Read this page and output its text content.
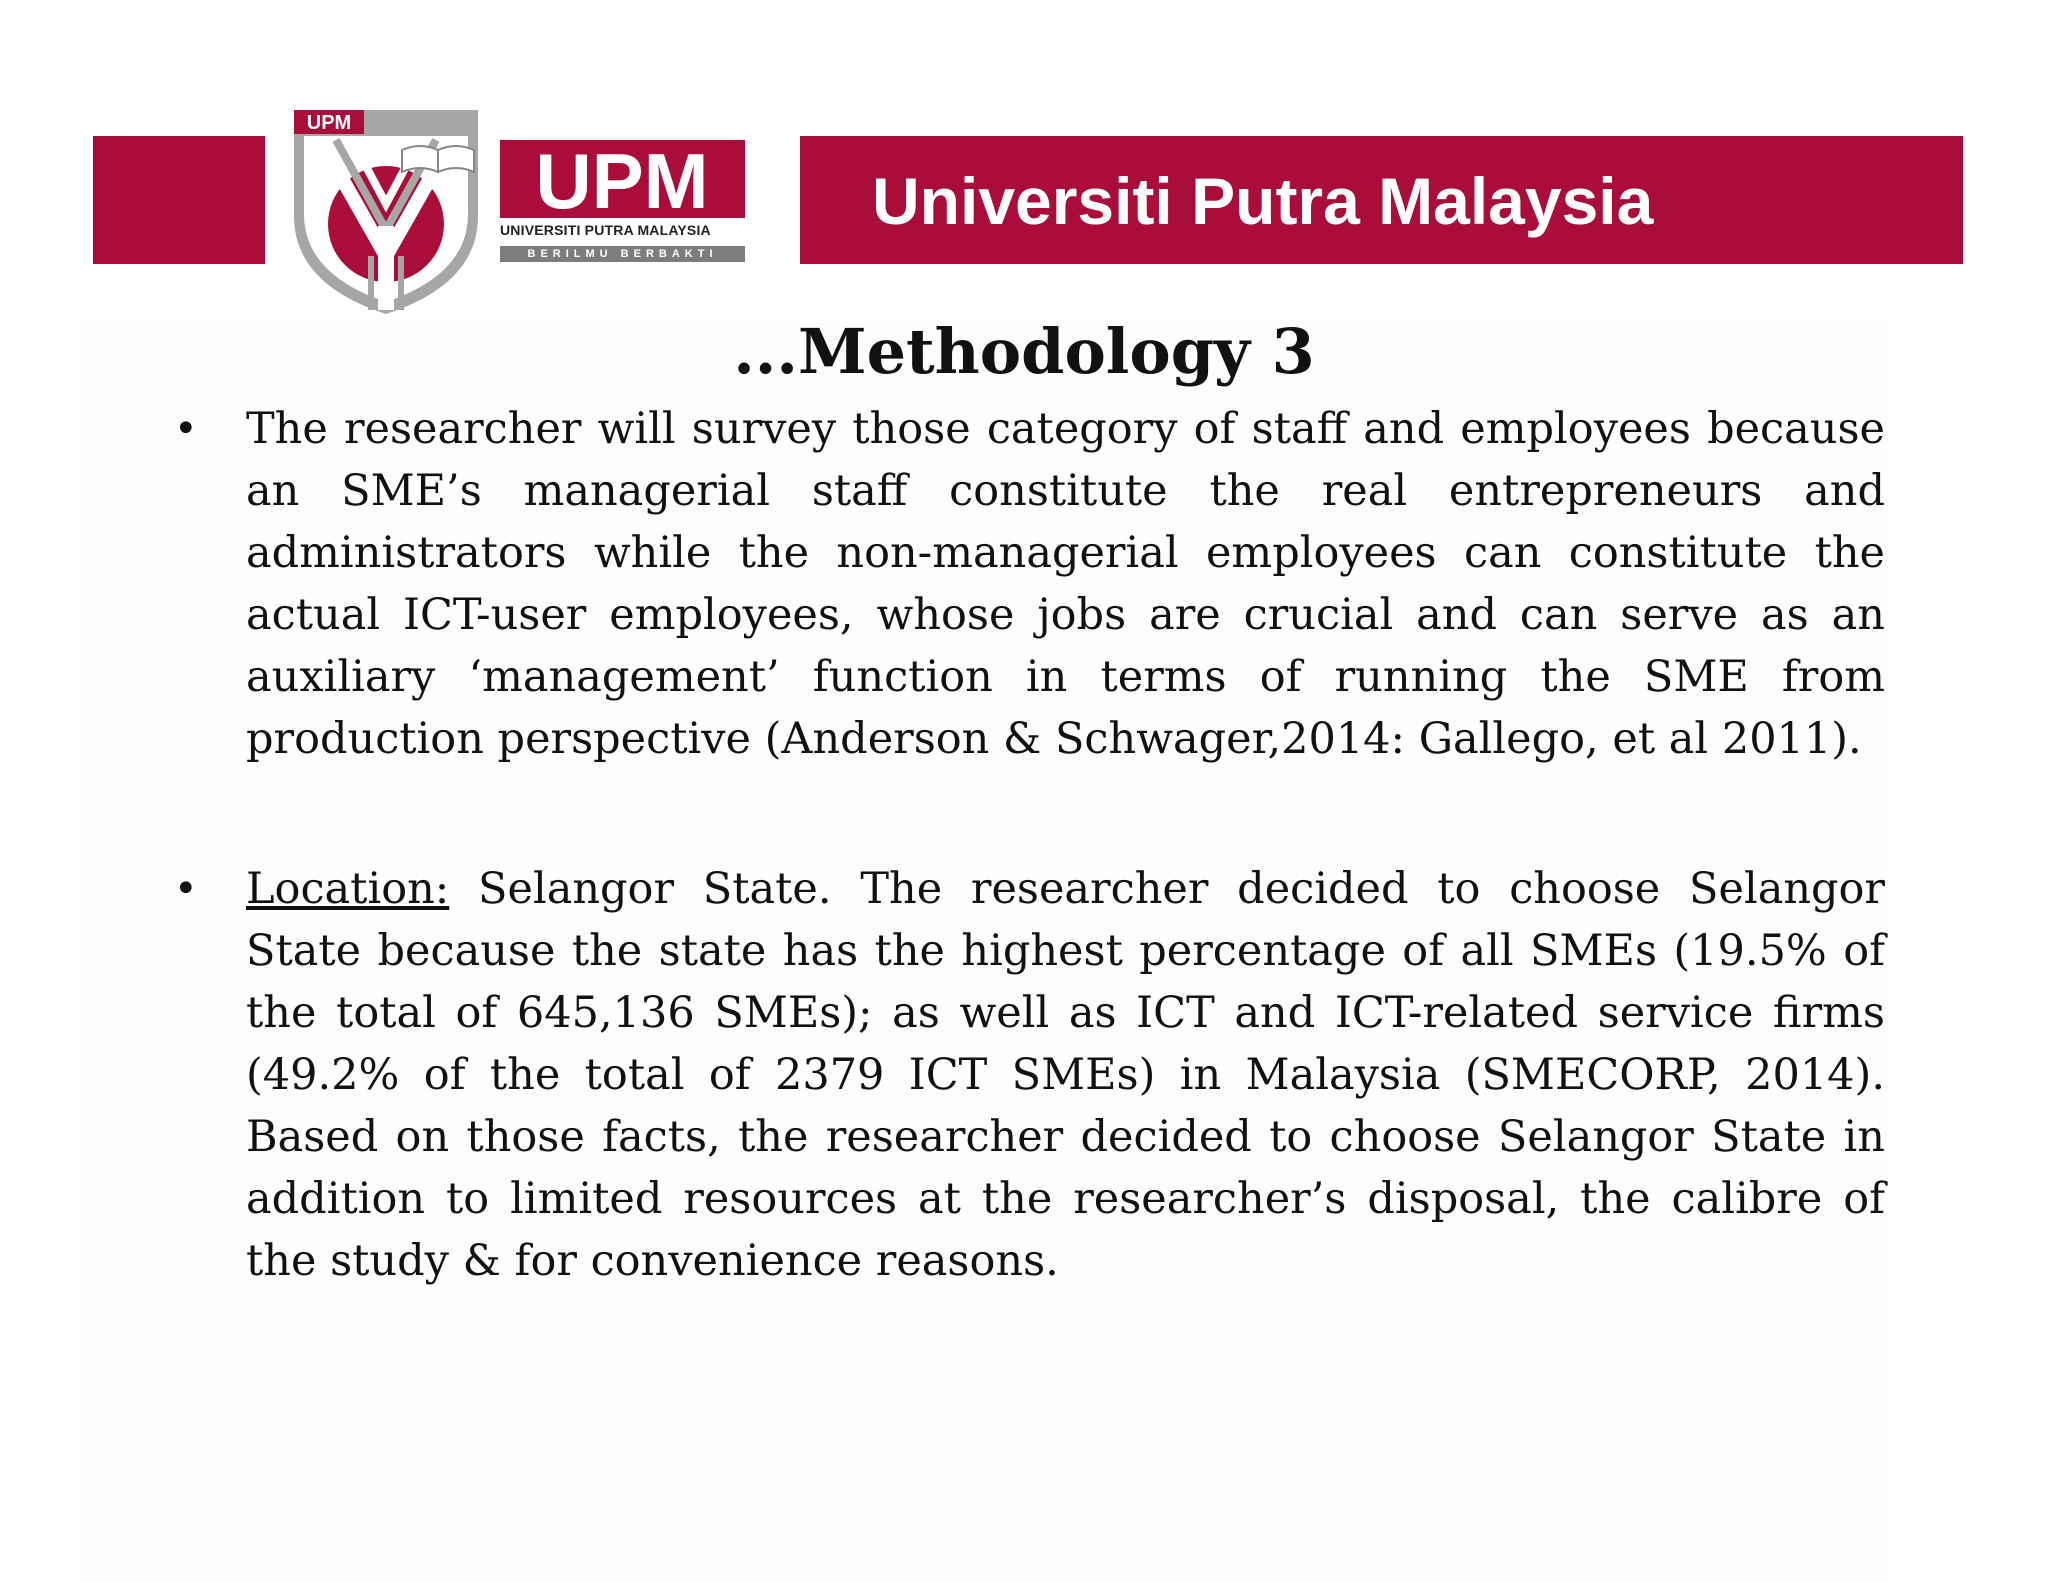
Universiti Putra Malaysia
UPM
UPM
UNIVERSITI PUTRA MALAYSIA
BERILMU BERBAKTI
...Methodology 3
• The researcher will survey those category of staff and employees because an SME’s managerial staff constitute the real entrepreneurs and administrators while the non-managerial employees can constitute the actual ICT-user employees, whose jobs are crucial and can serve as an auxiliary ‘management’ function in terms of running the SME from production perspective (Anderson & Schwager,2014: Gallego, et al 2011).
• Location: Selangor State. The researcher decided to choose Selangor State because the state has the highest percentage of all SMEs (19.5% of the total of 645,136 SMEs); as well as ICT and ICT-related service firms (49.2% of the total of 2379 ICT SMEs) in Malaysia (SMECORP, 2014). Based on those facts, the researcher decided to choose Selangor State in addition to limited resources at the researcher’s disposal, the calibre of the study & for convenience reasons.
